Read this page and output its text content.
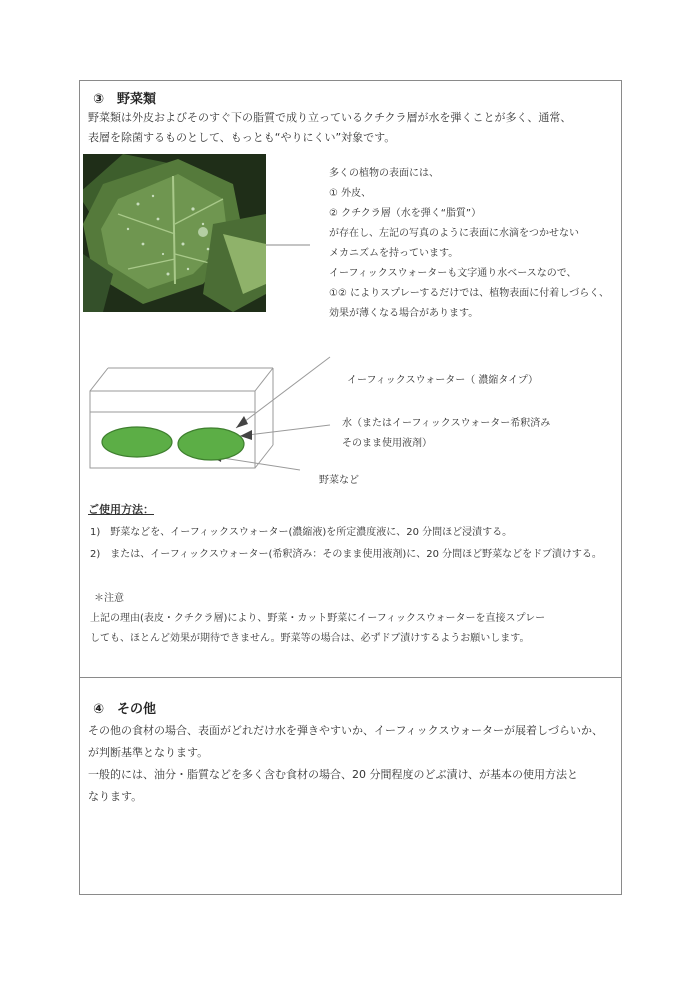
③　野菜類
野菜類は外皮およびそのすぐ下の脂質で成り立っているクチクラ層が水を弾くことが多く、通常、
表層を除菌するものとして、もっとも“やりにくい”対象です。
多くの植物の表面には、
① 外皮、
② クチクラ層（水を弾く“脂質”）
が存在し、左記の写真のように表面に水滴をつかせない
メカニズムを持っています。
イーフィックスウォーターも文字通り水ベースなので、
①② によりスプレーするだけでは、植物表面に付着しづらく、
効果が薄くなる場合があります。
イーフィックスウォーター（ 濃縮タイプ）
水（またはイーフィックスウォーター希釈済み
そのまま使用液剤）
野菜など
ご使用方法：
1)　野菜などを、イーフィックスウォーター(濃縮液)を所定濃度液に、20 分間ほど浸漬する。
2)　または、イーフィックスウォーター(希釈済み：そのまま使用液剤)に、20 分間ほど野菜などをドブ漬けする。
＊注意
上記の理由(表皮・クチクラ層)により、野菜・カット野菜にイーフィックスウォーターを直接スプレー
しても、ほとんど効果が期待できません。野菜等の場合は、必ずドブ漬けするようお願いします。
④　その他
その他の食材の場合、表面がどれだけ水を弾きやすいか、イーフィックスウォーターが展着しづらいか、
が判断基準となります。
一般的には、油分・脂質などを多く含む食材の場合、20 分間程度のどぶ漬け、が基本の使用方法と
なります。
